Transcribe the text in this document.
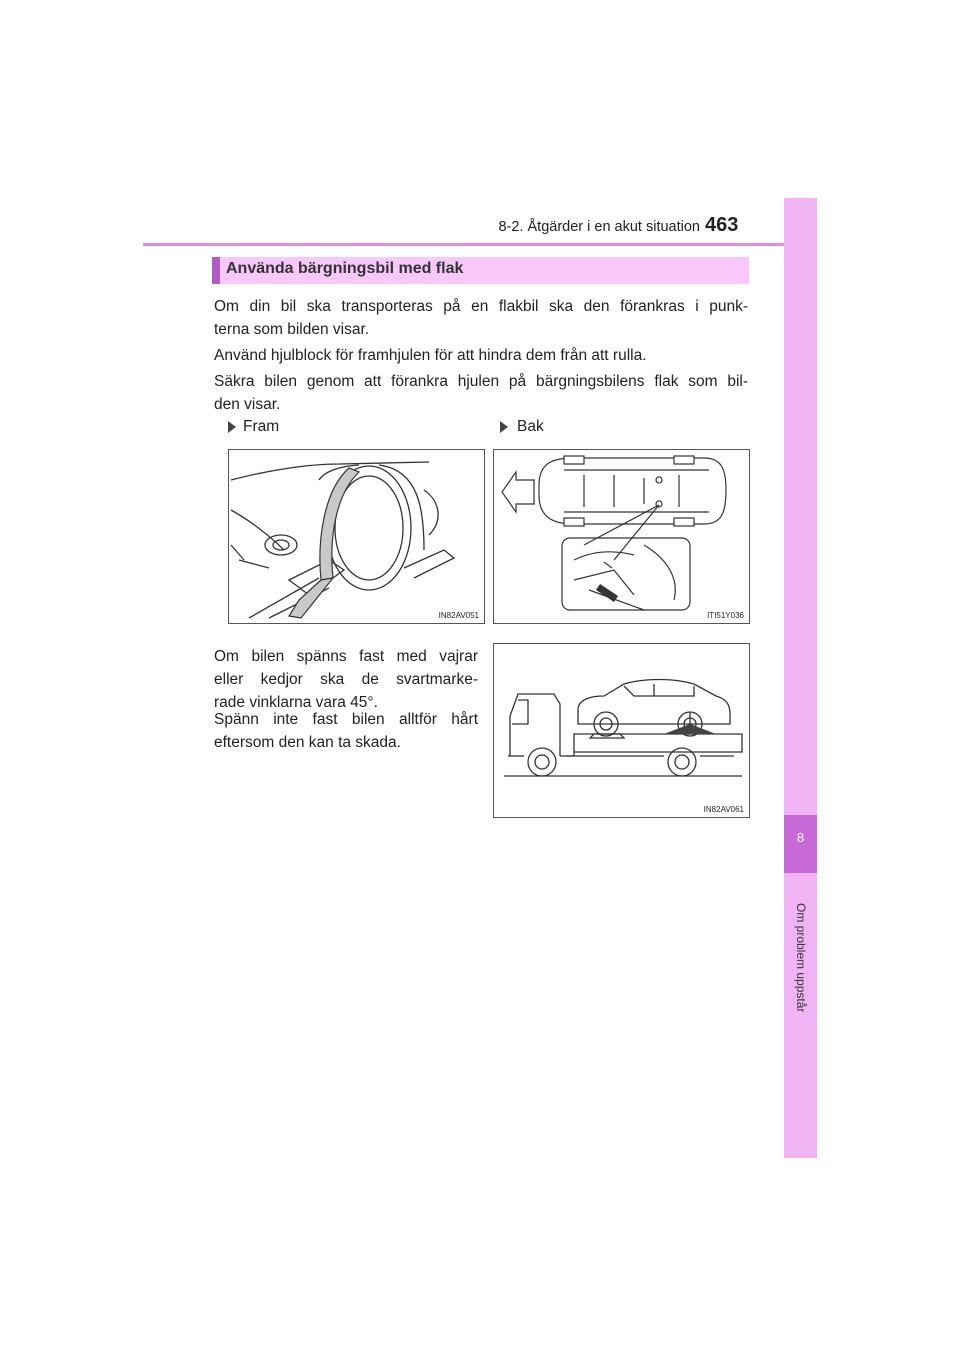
8-2. Åtgärder i en akut situation 463
8
Om problem uppstår
Använda bärgningsbil med flak
Om din bil ska transporteras på en flakbil ska den förankras i punk-
terna som bilden visar.
Använd hjulblock för framhjulen för att hindra dem från att rulla.
Säkra bilen genom att förankra hjulen på bärgningsbilens flak som bil-
den visar.
Fram	Bak
IN82AV051	ITI51Y036
Om bilen spänns fast med vajrar
eller kedjor ska de svartmarke-
rade vinklarna vara 45°.
Spänn inte fast bilen alltför hårt
eftersom den kan ta skada.
IN82AV061
